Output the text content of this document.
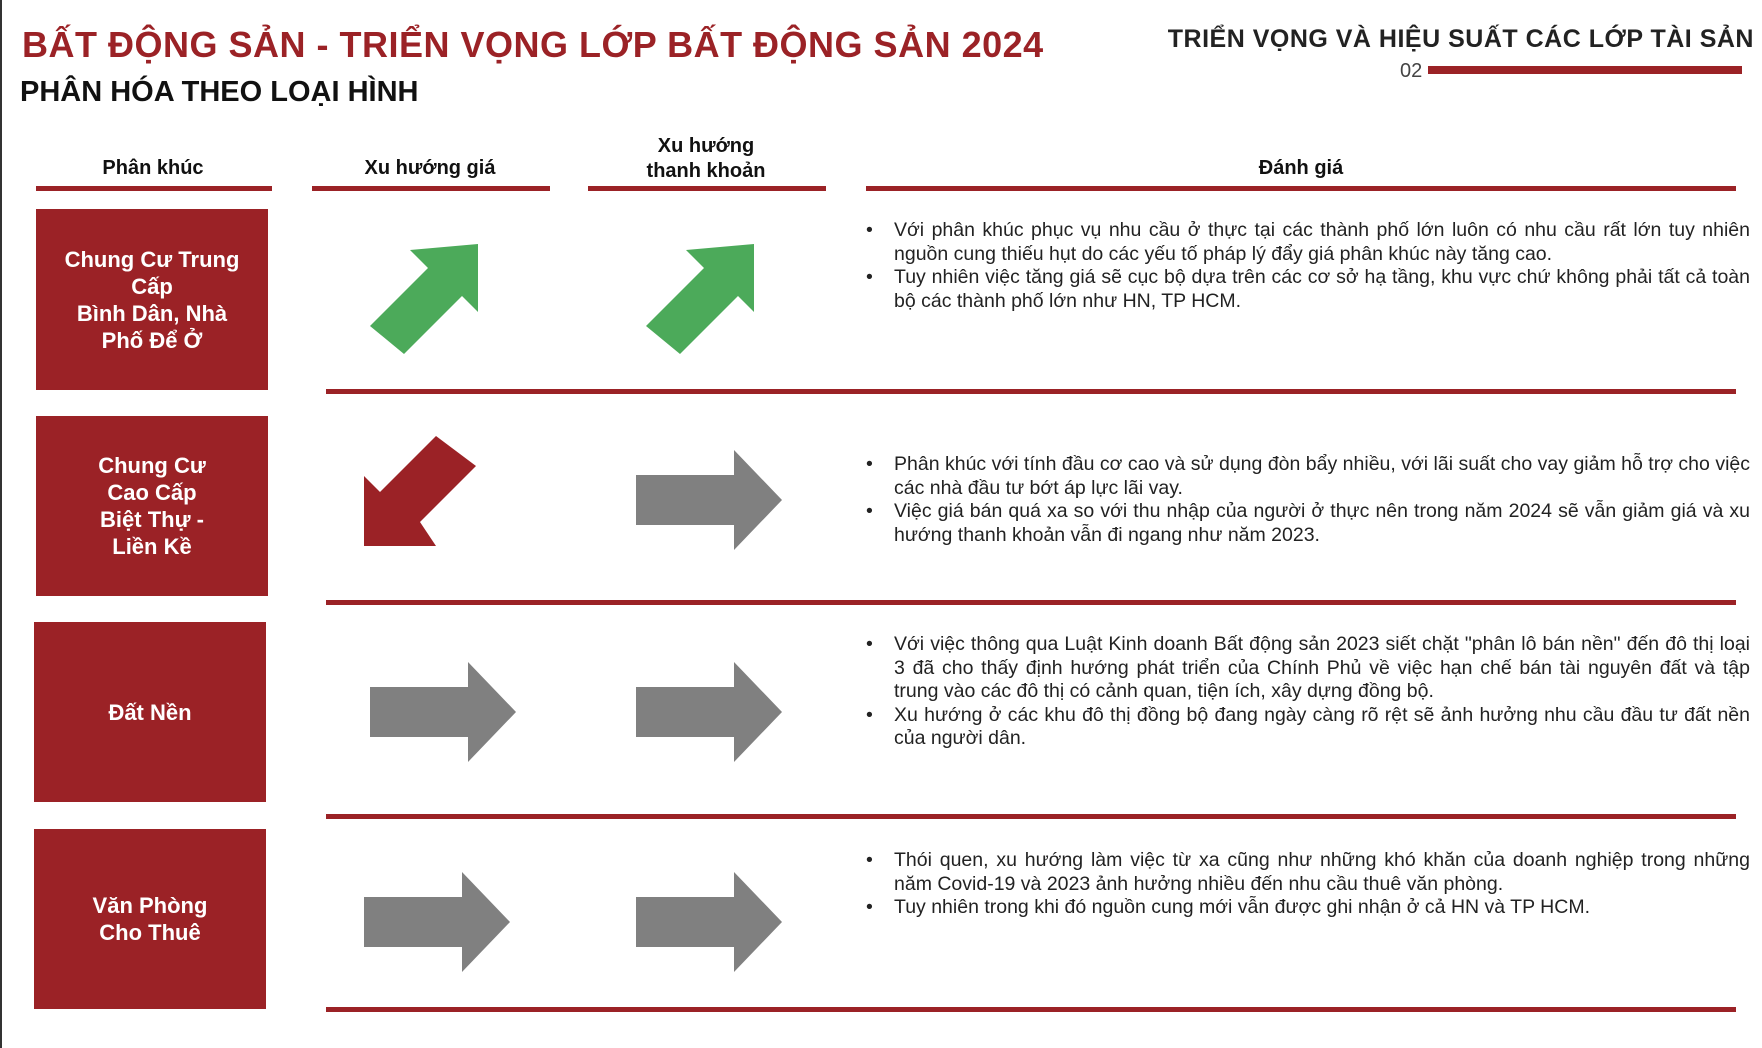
BẤT ĐỘNG SẢN - TRIỂN VỌNG LỚP BẤT ĐỘNG SẢN 2024
PHÂN HÓA THEO LOẠI HÌNH
TRIỂN VỌNG VÀ HIỆU SUẤT CÁC LỚP TÀI SẢN
02
Phân khúc	Xu hướng giá
Xu hướng
thanh khoản	Đánh giá
Chung Cư Trung
Cấp
Bình Dân, Nhà
Phố Để Ở
• Với phân khúc phục vụ nhu cầu ở thực tại các thành phố lớn luôn có nhu cầu rất lớn tuy nhiên nguồn cung thiếu hụt do các yếu tố pháp lý đẩy giá phân khúc này tăng cao.
• Tuy nhiên việc tăng giá sẽ cục bộ dựa trên các cơ sở hạ tầng, khu vực chứ không phải tất cả toàn bộ các thành phố lớn như HN, TP HCM.
Chung Cư
Cao Cấp
Biệt Thự -
Liền Kề
• Phân khúc với tính đầu cơ cao và sử dụng đòn bẩy nhiều, với lãi suất cho vay giảm hỗ trợ cho việc các nhà đầu tư bớt áp lực lãi vay.
• Việc giá bán quá xa so với thu nhập của người ở thực nên trong năm 2024 sẽ vẫn giảm giá và xu hướng thanh khoản vẫn đi ngang như năm 2023.
Đất Nền
• Với việc thông qua Luật Kinh doanh Bất động sản 2023 siết chặt "phân lô bán nền" đến đô thị loại 3 đã cho thấy định hướng phát triển của Chính Phủ về việc hạn chế bán tài nguyên đất và tập trung vào các đô thị có cảnh quan, tiện ích, xây dựng đồng bộ.
• Xu hướng ở các khu đô thị đồng bộ đang ngày càng rõ rệt sẽ ảnh hưởng nhu cầu đầu tư đất nền của người dân.
Văn Phòng
Cho Thuê
• Thói quen, xu hướng làm việc từ xa cũng như những khó khăn của doanh nghiệp trong những năm Covid-19 và 2023 ảnh hưởng nhiều đến nhu cầu thuê văn phòng.
• Tuy nhiên trong khi đó nguồn cung mới vẫn được ghi nhận ở cả HN và TP HCM.
